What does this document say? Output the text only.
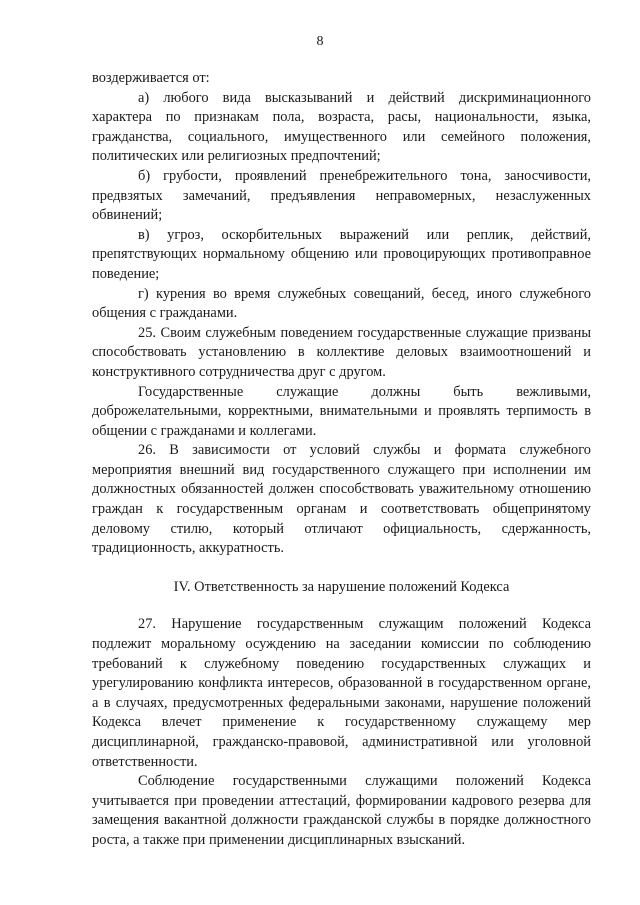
8

воздерживается от:

а) любого вида высказываний и действий дискриминационного характера по признакам пола, возраста, расы, национальности, языка, гражданства, социального, имущественного или семейного положения, политических или религиозных предпочтений;

б) грубости, проявлений пренебрежительного тона, заносчивости, предвзятых замечаний, предъявления неправомерных, незаслуженных обвинений;

в) угроз, оскорбительных выражений или реплик, действий, препятствующих нормальному общению или провоцирующих противоправное поведение;

г) курения во время служебных совещаний, бесед, иного служебного общения с гражданами.

25. Своим служебным поведением государственные служащие призваны способствовать установлению в коллективе деловых взаимоотношений и конструктивного сотрудничества друг с другом.

Государственные служащие должны быть вежливыми, доброжелательными, корректными, внимательными и проявлять терпимость в общении с гражданами и коллегами.

26. В зависимости от условий службы и формата служебного мероприятия внешний вид государственного служащего при исполнении им должностных обязанностей должен способствовать уважительному отношению граждан к государственным органам и соответствовать общепринятому деловому стилю, который отличают официальность, сдержанность, традиционность, аккуратность.

IV. Ответственность за нарушение положений Кодекса

27. Нарушение государственным служащим положений Кодекса подлежит моральному осуждению на заседании комиссии по соблюдению требований к служебному поведению государственных служащих и урегулированию конфликта интересов, образованной в государственном органе, а в случаях, предусмотренных федеральными законами, нарушение положений Кодекса влечет применение к государственному служащему мер дисциплинарной, гражданско-правовой, административной или уголовной ответственности.

Соблюдение государственными служащими положений Кодекса учитывается при проведении аттестаций, формировании кадрового резерва для замещения вакантной должности гражданской службы в порядке должностного роста, а также при применении дисциплинарных взысканий.
